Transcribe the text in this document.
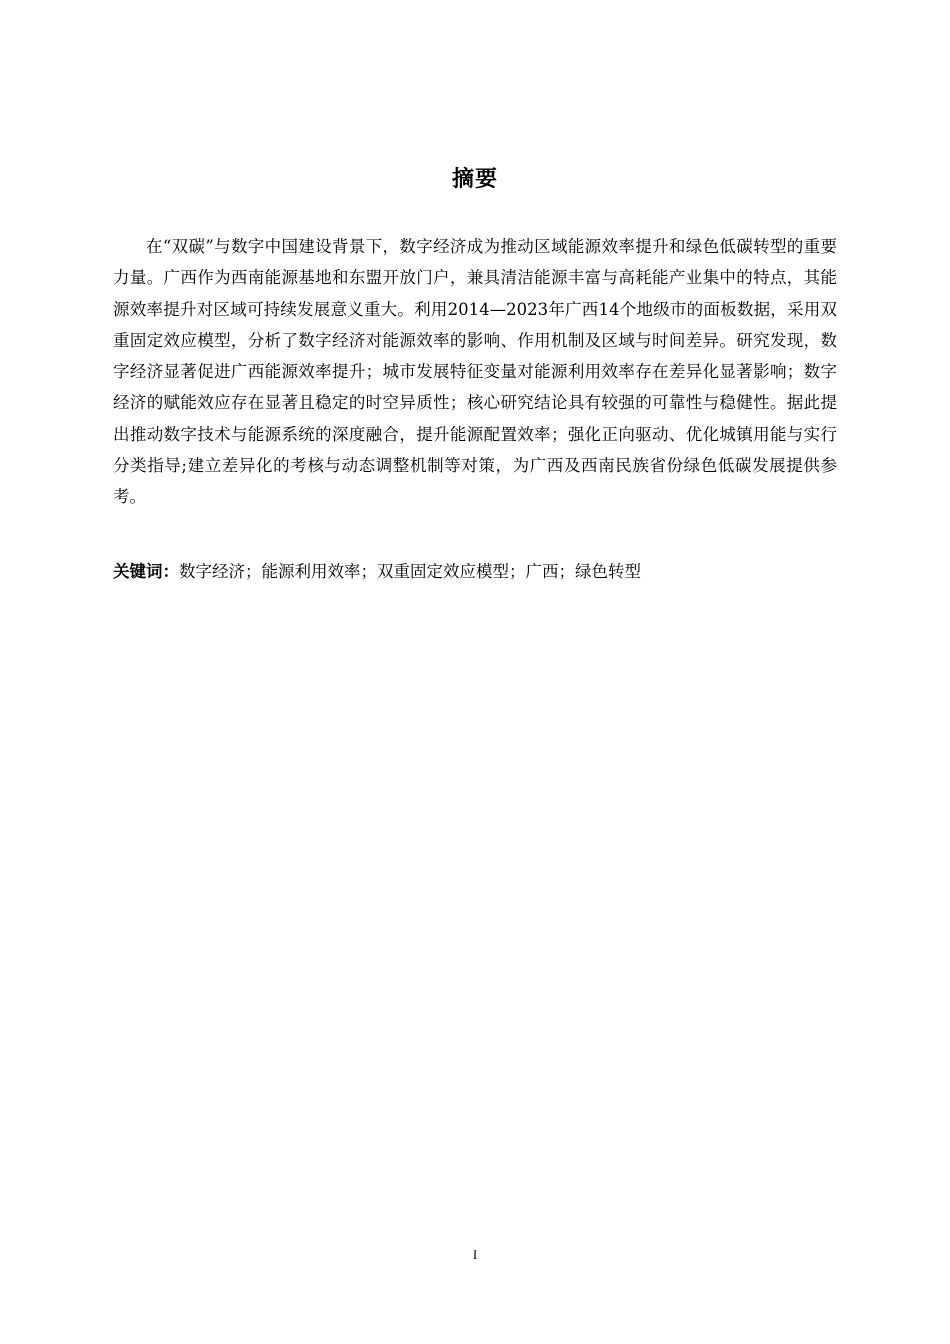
摘要

在“双碳”与数字中国建设背景下，数字经济成为推动区域能源效率提升和绿色低碳转型的重要力量。广西作为西南能源基地和东盟开放门户，兼具清洁能源丰富与高耗能产业集中的特点，其能源效率提升对区域可持续发展意义重大。利用2014—2023年广西14个地级市的面板数据，采用双重固定效应模型，分析了数字经济对能源效率的影响、作用机制及区域与时间差异。研究发现，数字经济显著促进广西能源效率提升；城市发展特征变量对能源利用效率存在差异化显著影响；数字经济的赋能效应存在显著且稳定的时空异质性；核心研究结论具有较强的可靠性与稳健性。据此提出推动数字技术与能源系统的深度融合，提升能源配置效率；强化正向驱动、优化城镇用能与实行分类指导;建立差异化的考核与动态调整机制等对策，为广西及西南民族省份绿色低碳发展提供参考。

关键词：数字经济；能源利用效率；双重固定效应模型；广西；绿色转型
I
